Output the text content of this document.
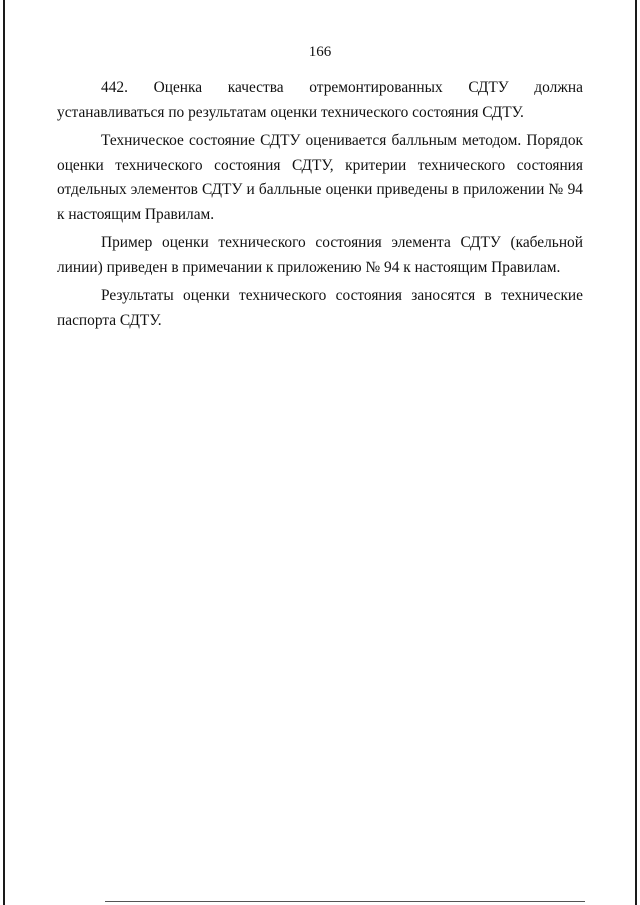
166

442. Оценка качества отремонтированных СДТУ должна устанавливаться по результатам оценки технического состояния СДТУ.

Техническое состояние СДТУ оценивается балльным методом. Порядок оценки технического состояния СДТУ, критерии технического состояния отдельных элементов СДТУ и балльные оценки приведены в приложении № 94 к настоящим Правилам.

Пример оценки технического состояния элемента СДТУ (кабельной линии) приведен в примечании к приложению № 94 к настоящим Правилам.

Результаты оценки технического состояния заносятся в технические паспорта СДТУ.
